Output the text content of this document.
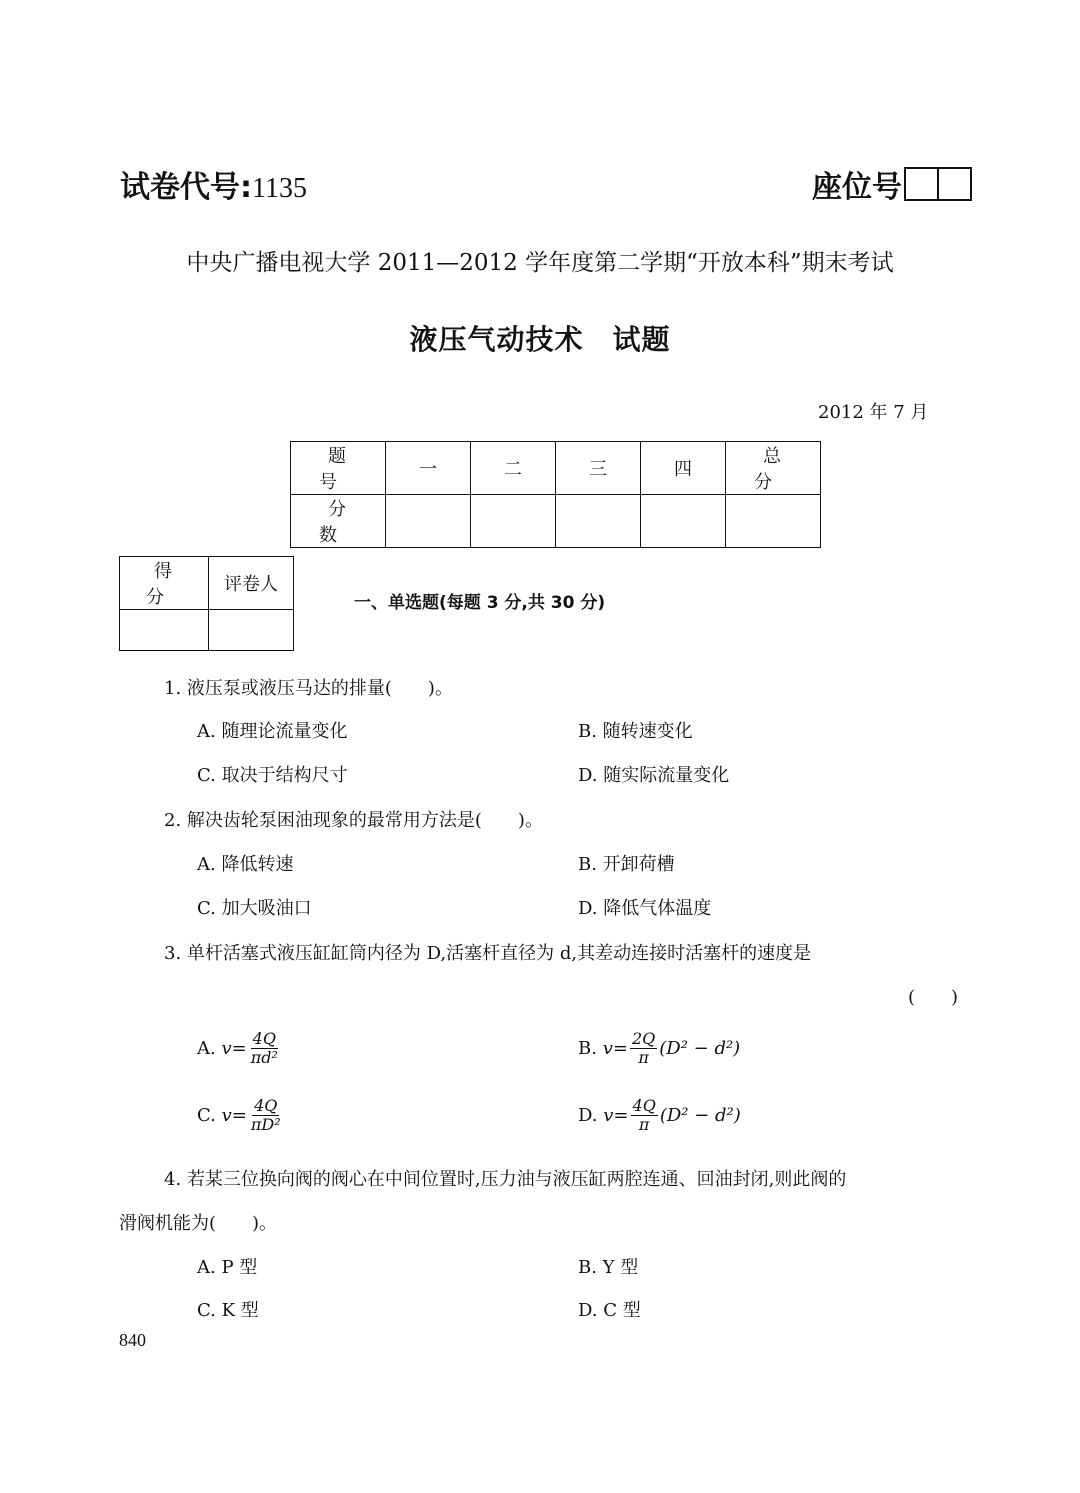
试卷代号:1135	座位号
中央广播电视大学 2011—2012 学年度第二学期“开放本科”期末考试
液压气动技术　试题
2012 年 7 月
题　号	一	二	三	四	总　分
分　数					
得　分	评卷人

一、单选题(每题 3 分,共 30 分)
1. 液压泵或液压马达的排量(　　)。
A. 随理论流量变化	B. 随转速变化
C. 取决于结构尺寸	D. 随实际流量变化
2. 解决齿轮泵困油现象的最常用方法是(　　)。
A. 降低转速	B. 开卸荷槽
C. 加大吸油口	D. 降低气体温度
3. 单杆活塞式液压缸缸筒内径为 D,活塞杆直径为 d,其差动连接时活塞杆的速度是
(　　)
A.
$v= \frac{4Q}{\text{πd²}}$	B.
$v= \frac{2Q}{\pi} (D^2 - d^2)$
C.
$v= \frac{4Q}{\text{πD²}}$	D.
$v= \frac{4Q}{\pi} (D^2 - d^2)$
4. 若某三位换向阀的阀心在中间位置时,压力油与液压缸两腔连通、回油封闭,则此阀的
滑阀机能为(　　)。
A. P 型	B. Y 型
C. K 型	D. C 型
840
